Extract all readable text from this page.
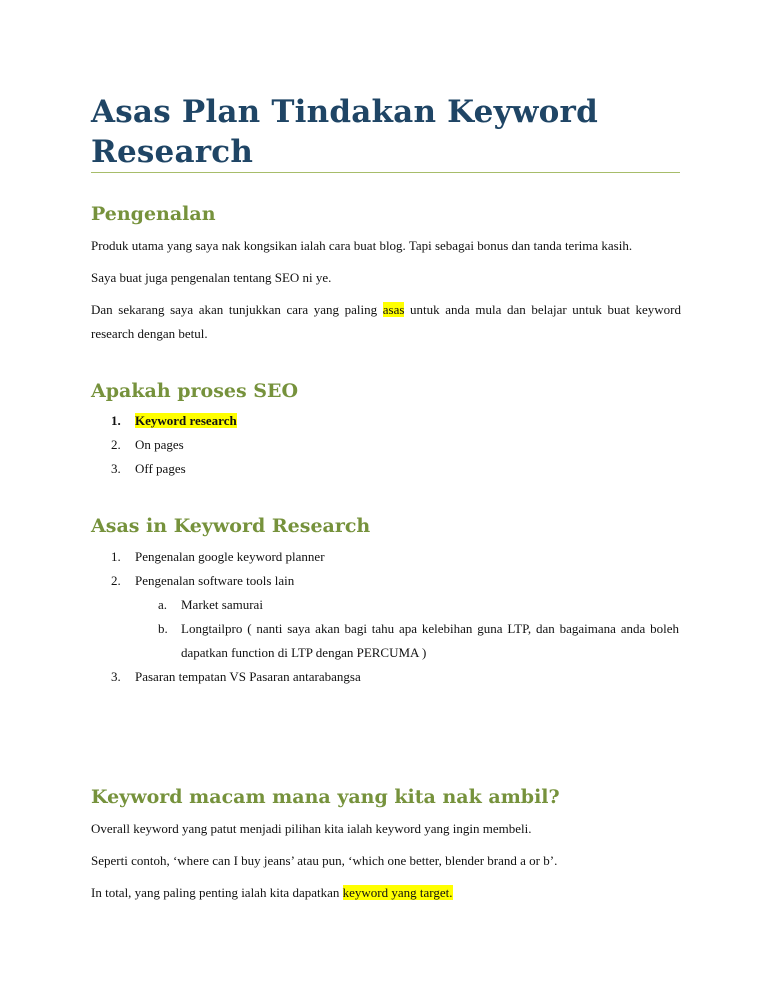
Asas Plan Tindakan Keyword Research
Pengenalan

Produk utama yang saya nak kongsikan ialah cara buat blog. Tapi sebagai bonus dan tanda terima kasih.

Saya buat juga pengenalan tentang SEO ni ye.

Dan sekarang saya akan tunjukkan cara yang paling asas untuk anda mula dan belajar untuk buat keyword research dengan betul.

Apakah proses SEO
1. Keyword research
2. On pages
3. Off pages
Asas in Keyword Research
1. Pengenalan google keyword planner
2. Pengenalan software tools lain
a. Market samurai
b. Longtailpro ( nanti saya akan bagi tahu apa kelebihan guna LTP, dan bagaimana anda boleh dapatkan function di LTP dengan PERCUMA )

3. Pasaran tempatan VS Pasaran antarabangsa
Keyword macam mana yang kita nak ambil?

Overall keyword yang patut menjadi pilihan kita ialah keyword yang ingin membeli.

Seperti contoh, ‘where can I buy jeans’ atau pun, ‘which one better, blender brand a or b’.

In total, yang paling penting ialah kita dapatkan keyword yang target.
